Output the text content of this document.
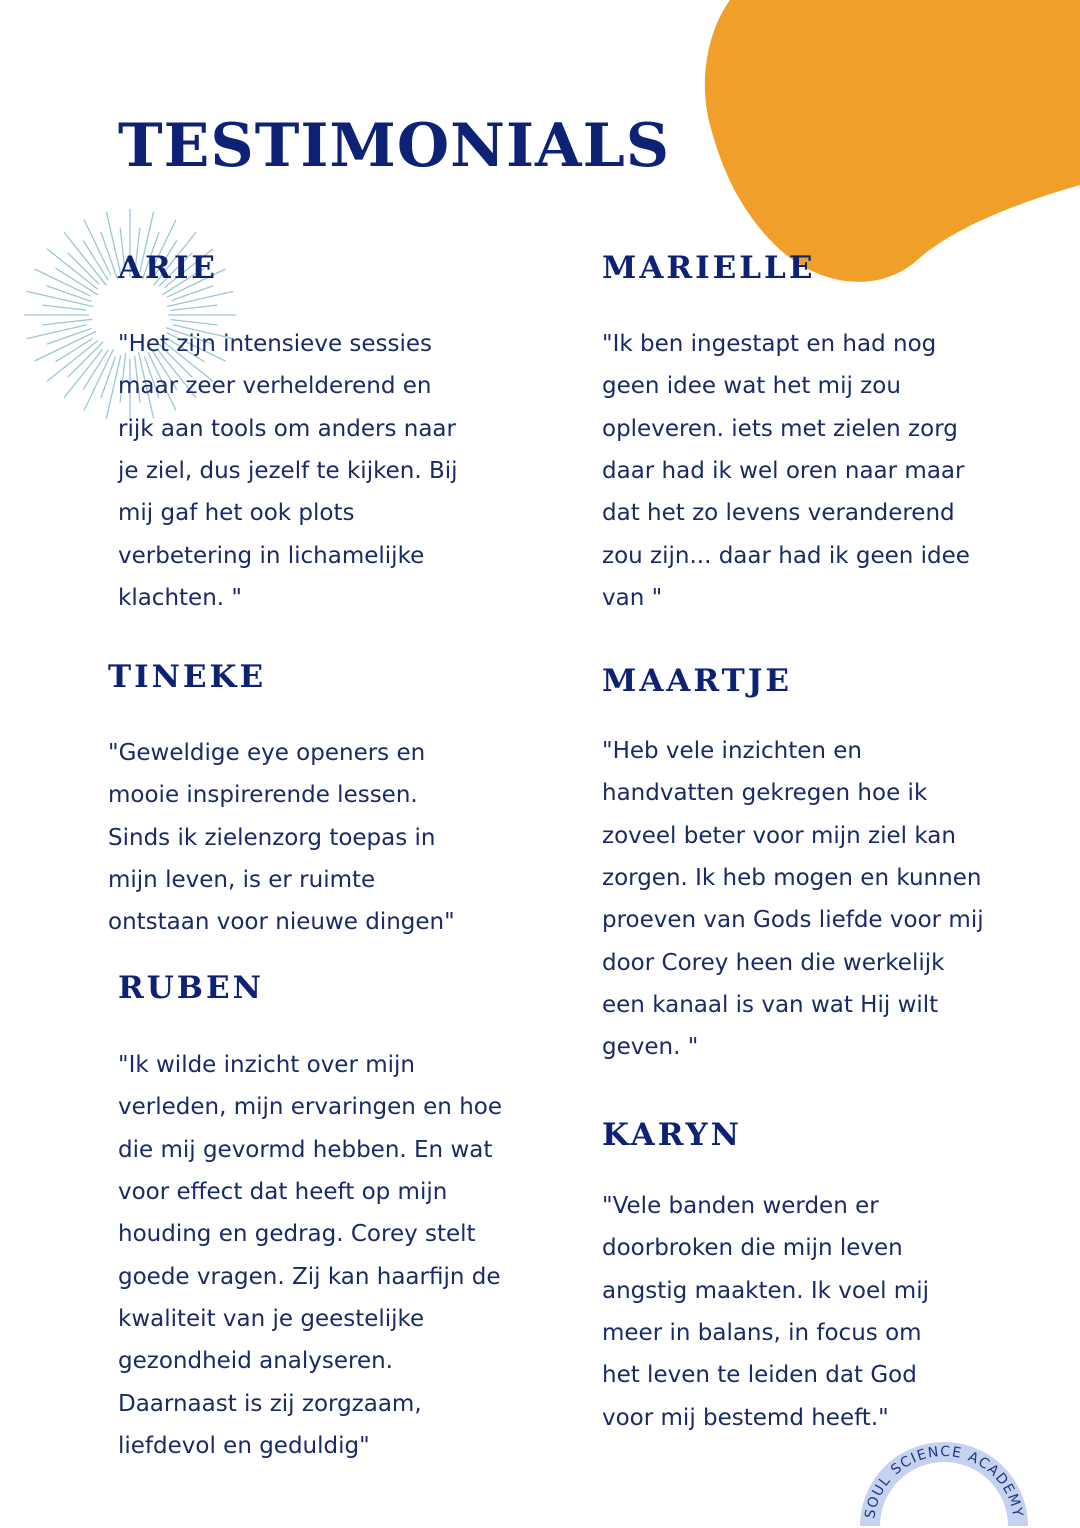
TESTIMONIALS
ARIE
"Het zijn intensieve sessies
maar zeer verhelderend en
rijk aan tools om anders naar
je ziel, dus jezelf te kijken. Bij
mij gaf het ook plots
verbetering in lichamelijke
klachten. "
MARIELLE
"Ik ben ingestapt en had nog
geen idee wat het mij zou
opleveren. iets met zielen zorg
daar had ik wel oren naar maar
dat het zo levens veranderend
zou zijn... daar had ik geen idee
van "
TINEKE
"Geweldige eye openers en
mooie inspirerende lessen.
Sinds ik zielenzorg toepas in
mijn leven, is er ruimte
ontstaan voor nieuwe dingen"
MAARTJE
"Heb vele inzichten en
handvatten gekregen hoe ik
zoveel beter voor mijn ziel kan
zorgen. Ik heb mogen en kunnen
proeven van Gods liefde voor mij
door Corey heen die werkelijk
een kanaal is van wat Hij wilt
geven. "
RUBEN
"Ik wilde inzicht over mijn
verleden, mijn ervaringen en hoe
die mij gevormd hebben. En wat
voor effect dat heeft op mijn
houding en gedrag. Corey stelt
goede vragen. Zij kan haarfijn de
kwaliteit van je geestelijke
gezondheid analyseren.
Daarnaast is zij zorgzaam,
liefdevol en geduldig"
KARYN
"Vele banden werden er
doorbroken die mijn leven
angstig maakten. Ik voel mij
meer in balans, in focus om
het leven te leiden dat God
voor mij bestemd heeft."
SOUL SCIENCE ACADEMY
